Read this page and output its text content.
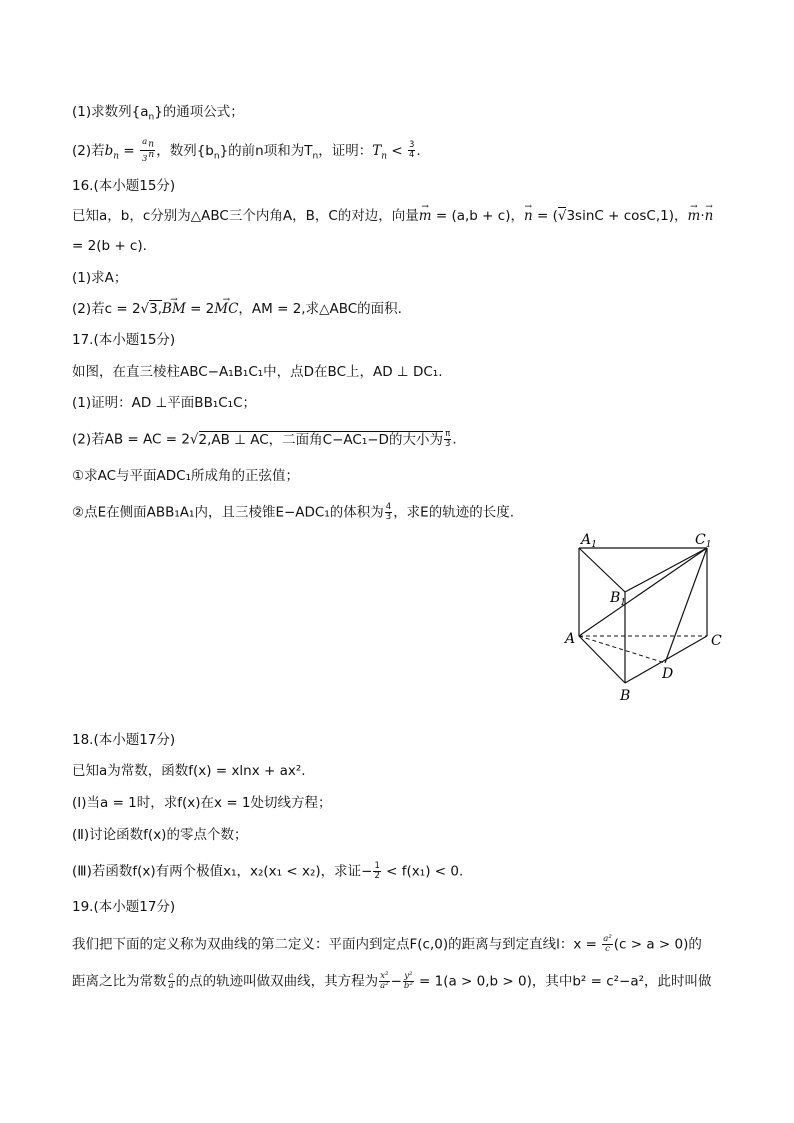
(1)求数列$\{a_n\}$的通项公式；
(2)若$b_n = \frac{a_n}{3^n}$ ，数列$\{b_n\}$的前n项和为$T_n$，证明：$T_n < \frac{3}{4}$ .
16.(本小题15分)
已知a，b，c分别为△ABC三个内角A，B，C的对边，向量→ m = (a,b + c)，→ n = (√3sinC + cosC,1)，→ m·→ n
= 2(b + c).
(1)求A；
(2)若c = 2√3,→ BM = 2→ MC，AM = 2,求△ABC的面积.
17.(本小题15分)
如图，在直三棱柱ABC−A₁B₁C₁中，点D在BC上，AD ⊥ DC₁.
(1)证明：AD ⊥平面BB₁C₁C；
(2)若AB = AC = 2√2,AB ⊥ AC，二面角C−AC₁−D的大小为 $\frac{\pi}{3}$ .
①求AC与平面ADC₁所成角的正弦值；
②点E在侧面ABB₁A₁内，且三棱锥E−ADC₁的体积为 $\frac{4}{3}$ ，求E的轨迹的长度.
$A_1$	$C_1$
$B_1$
A	C
D
B
18.(本小题17分)
已知a为常数，函数f(x) = xlnx + ax².
(Ⅰ)当a = 1时，求f(x)在x = 1处切线方程；
(Ⅱ)讨论函数f(x)的零点个数；
(Ⅲ)若函数f(x)有两个极值x₁，x₂(x₁ < x₂)，求证− $\frac{1}{2} < f(x_1) < 0$.
19.(本小题17分)
我们把下面的定义称为双曲线的第二定义：平面内到定点F(c,0)的距离与到定直线l：$x = \frac{\text{a²}}{c} (c > a > 0)$的
距离之比为常数 $\frac{c}{a}$ 的点的轨迹叫做双曲线，其方程为 $\frac{\text{x²}}{\text{a²}} - \frac{\text{y²}}{\text{b²}} = 1(a > 0,b > 0)$，其中b² = c²−a²，此时叫做
